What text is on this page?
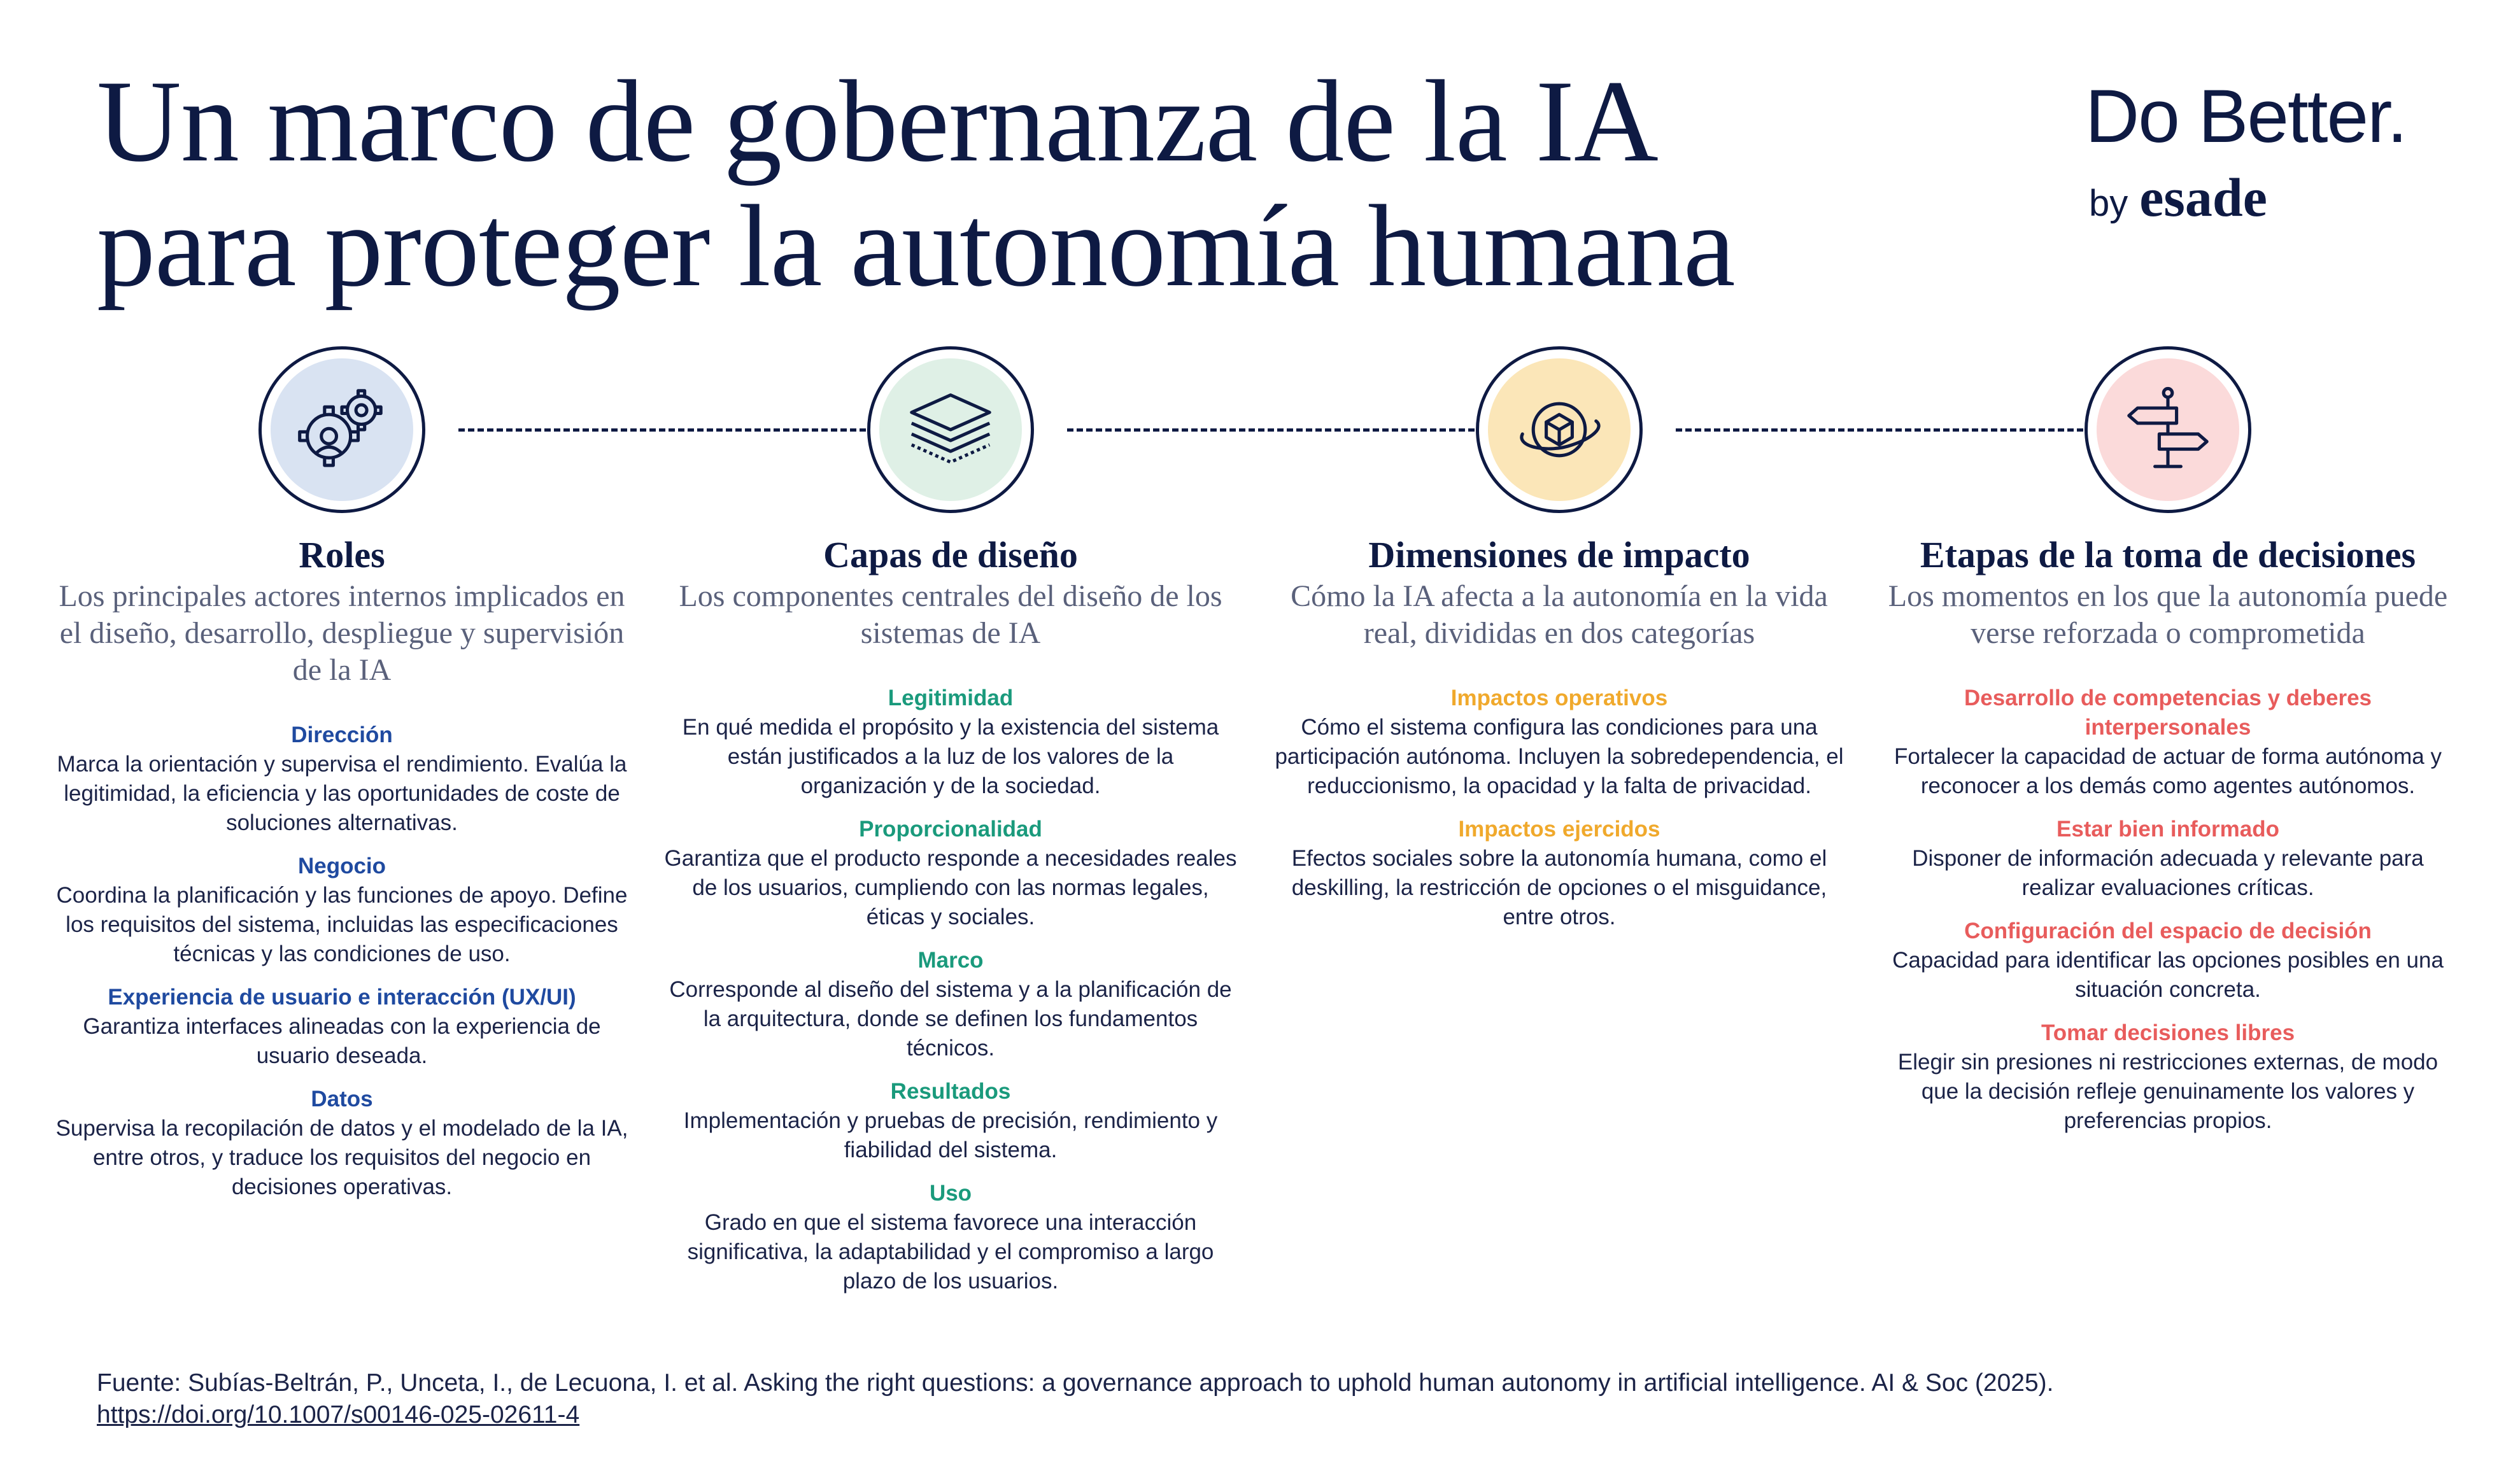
Un marco de gobernanza de la IA
para proteger la autonomía humana
Do Better.
by esade
Roles
Los principales actores internos implicados en el diseño, desarrollo, despliegue y supervisión de la IA
Dirección
Marca la orientación y supervisa el rendimiento. Evalúa la legitimidad, la eficiencia y las oportunidades de coste de soluciones alternativas.
Negocio
Coordina la planificación y las funciones de apoyo. Define los requisitos del sistema, incluidas las especificaciones técnicas y las condiciones de uso.
Experiencia de usuario e interacción (UX/UI)
Garantiza interfaces alineadas con la experiencia de usuario deseada.
Datos
Supervisa la recopilación de datos y el modelado de la IA, entre otros, y traduce los requisitos del negocio en decisiones operativas.
Capas de diseño
Los componentes centrales del diseño de los sistemas de IA
Legitimidad
En qué medida el propósito y la existencia del sistema están justificados a la luz de los valores de la organización y de la sociedad.
Proporcionalidad
Garantiza que el producto responde a necesidades reales de los usuarios, cumpliendo con las normas legales, éticas y sociales.
Marco
Corresponde al diseño del sistema y a la planificación de la arquitectura, donde se definen los fundamentos técnicos.
Resultados
Implementación y pruebas de precisión, rendimiento y fiabilidad del sistema.
Uso
Grado en que el sistema favorece una interacción significativa, la adaptabilidad y el compromiso a largo plazo de los usuarios.
Dimensiones de impacto
Cómo la IA afecta a la autonomía en la vida real, divididas en dos categorías
Impactos operativos
Cómo el sistema configura las condiciones para una participación autónoma. Incluyen la sobredependencia, el reduccionismo, la opacidad y la falta de privacidad.
Impactos ejercidos
Efectos sociales sobre la autonomía humana, como el deskilling, la restricción de opciones o el misguidance, entre otros.
Etapas de la toma de decisiones
Los momentos en los que la autonomía puede verse reforzada o comprometida
Desarrollo de competencias y deberes interpersonales
Fortalecer la capacidad de actuar de forma autónoma y reconocer a los demás como agentes autónomos.
Estar bien informado
Disponer de información adecuada y relevante para realizar evaluaciones críticas.
Configuración del espacio de decisión
Capacidad para identificar las opciones posibles en una situación concreta.
Tomar decisiones libres
Elegir sin presiones ni restricciones externas, de modo que la decisión refleje genuinamente los valores y preferencias propios.
Fuente: Subías-Beltrán, P., Unceta, I., de Lecuona, I. et al. Asking the right questions: a governance approach to uphold human autonomy in artificial intelligence. AI & Soc (2025).
https://doi.org/10.1007/s00146-025-02611-4
